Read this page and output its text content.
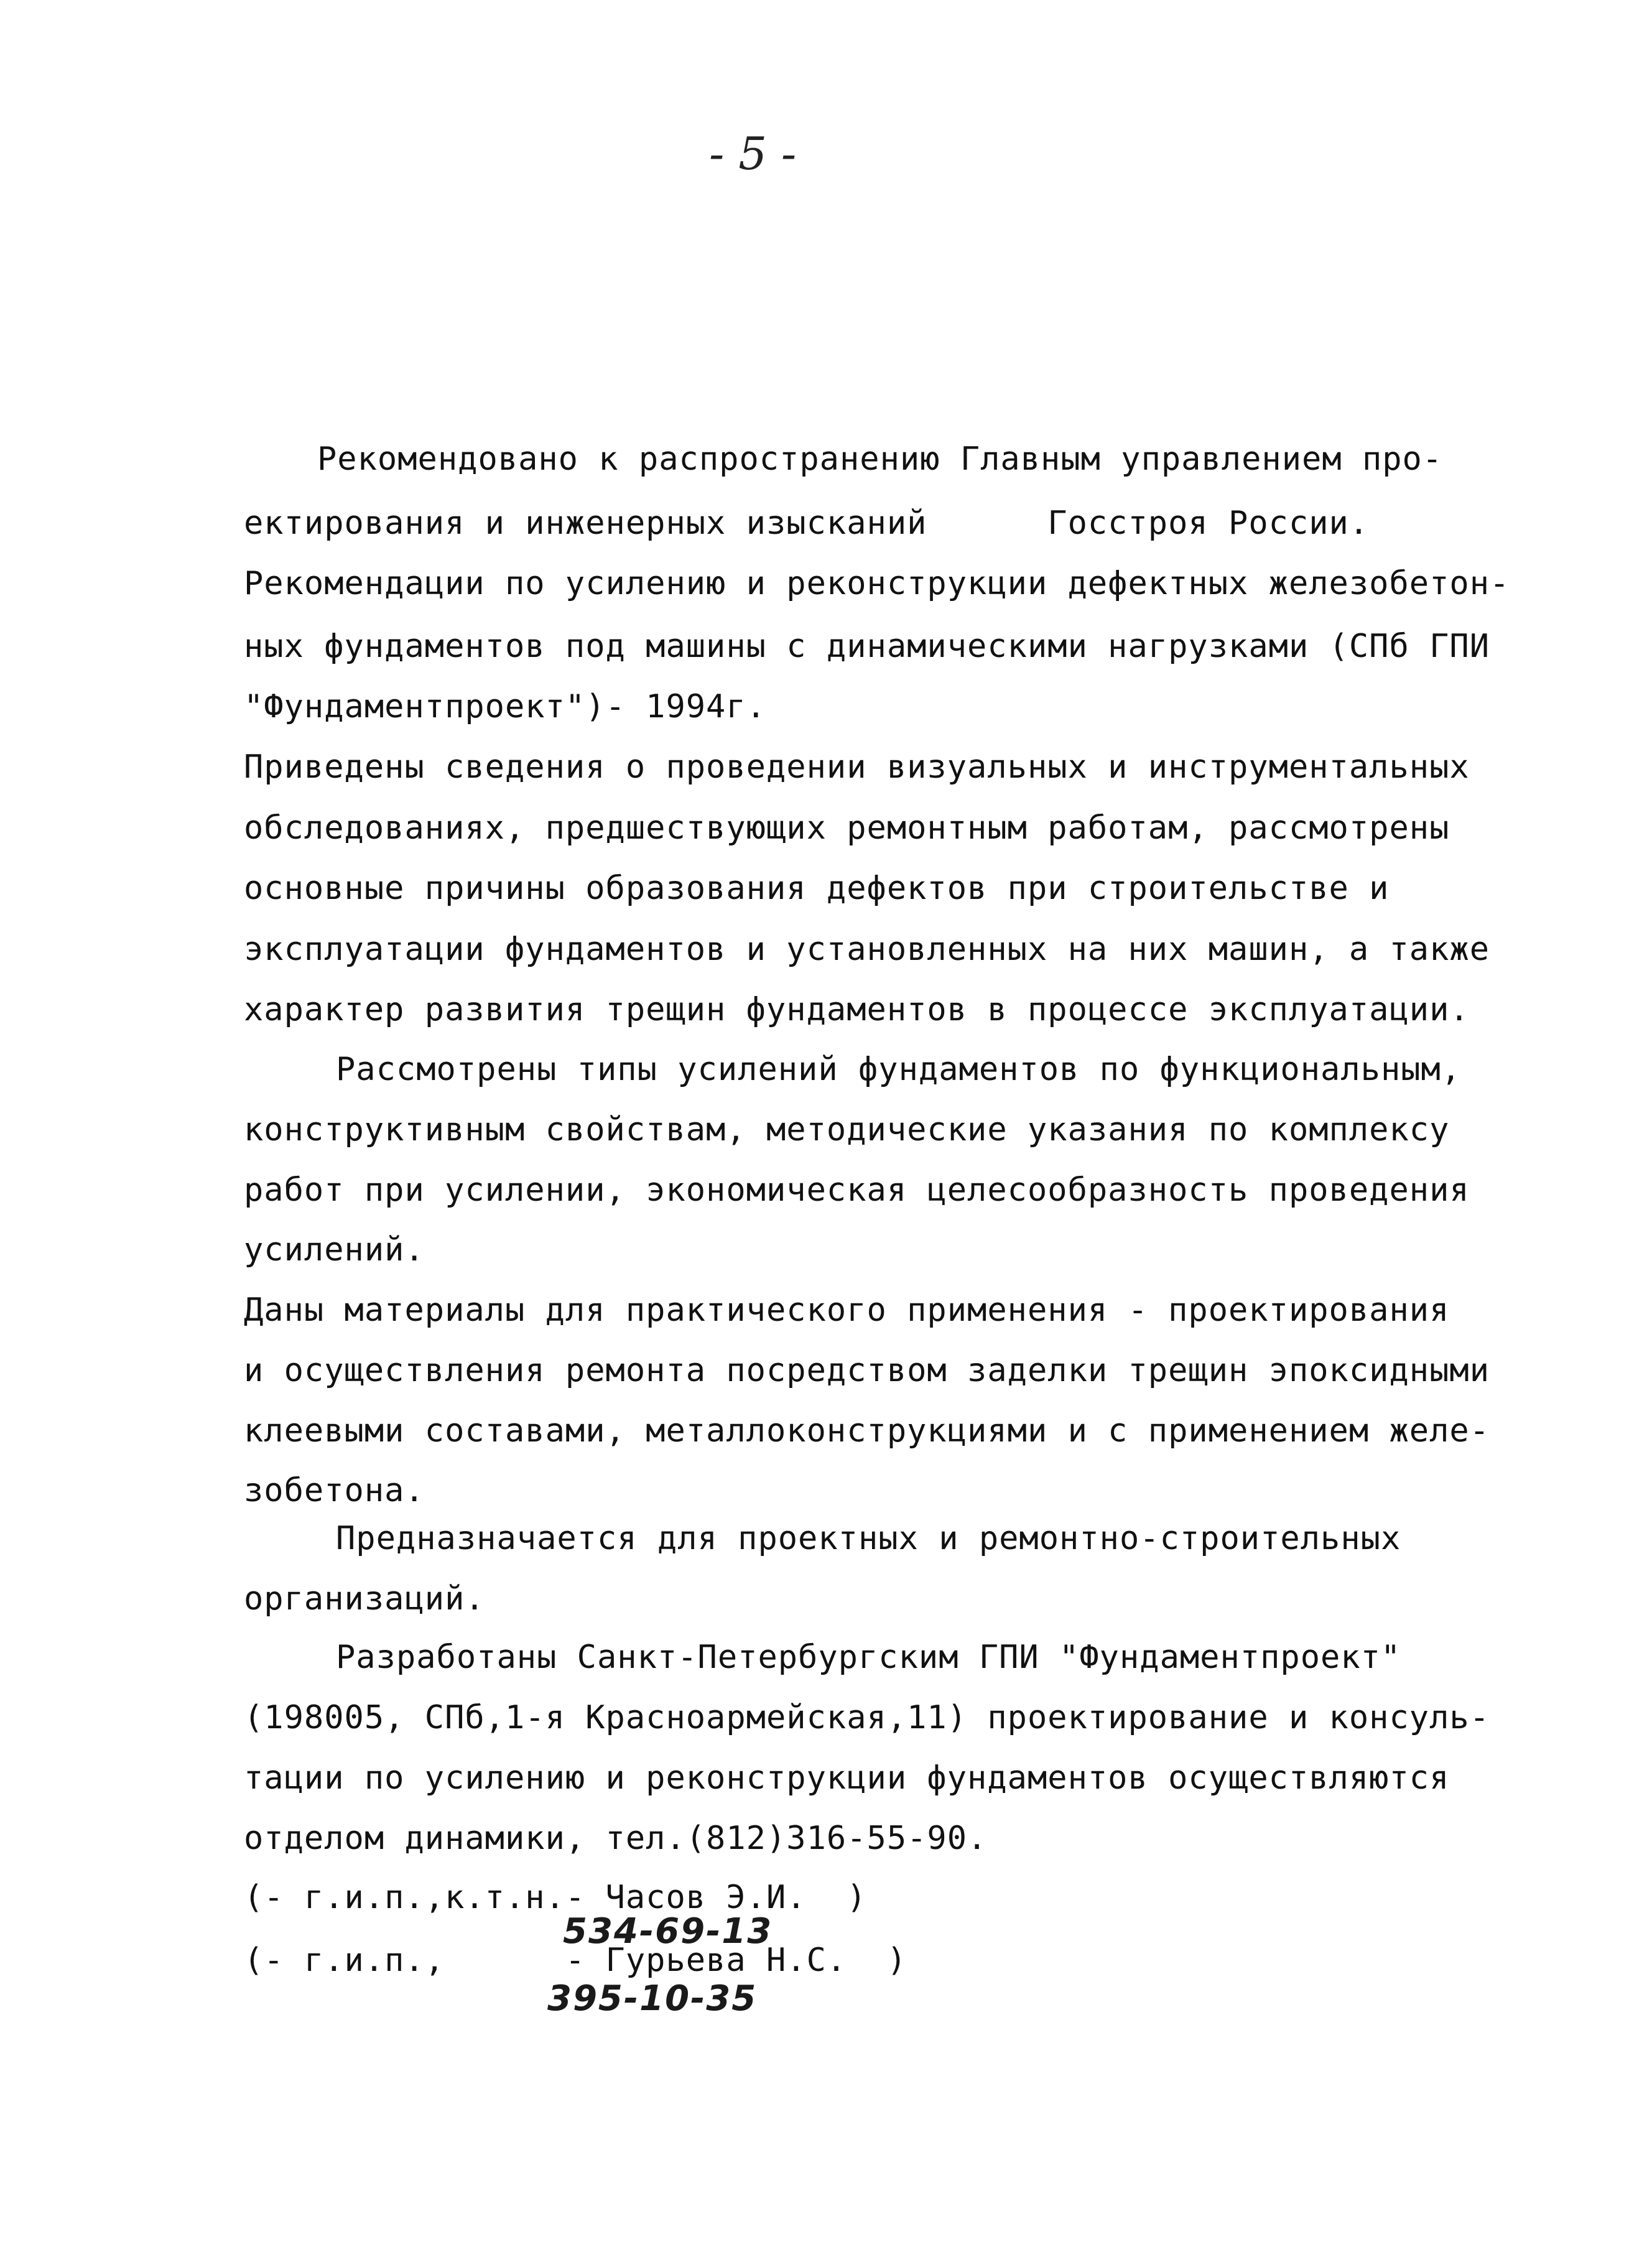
- 5 -
Рекомендовано к распространению Главным управлением про-
ектирования и инженерных изысканий      Госстроя России.
Рекомендации по усилению и реконструкции дефектных железобетон-
ных фундаментов под машины с динамическими нагрузками (СПб ГПИ
"Фундаментпроект")- 1994г.
Приведены сведения о проведении визуальных и инструментальных
обследованиях, предшествующих ремонтным работам, рассмотрены
основные причины образования дефектов при строительстве и
эксплуатации фундаментов и установленных на них машин, а также
характер развития трещин фундаментов в процессе эксплуатации.
Рассмотрены типы усилений фундаментов по функциональным,
конструктивным свойствам, методические указания по комплексу
работ при усилении, экономическая целесообразность проведения
усилений.
Даны материалы для практического применения - проектирования
и осуществления ремонта посредством заделки трещин эпоксидными
клеевыми составами, металлоконструкциями и с применением желе-
зобетона.
Предназначается для проектных и ремонтно-строительных
организаций.
Разработаны Санкт-Петербургским ГПИ "Фундаментпроект"
(198005, СПб,1-я Красноармейская,11) проектирование и консуль-
тации по усилению и реконструкции фундаментов осуществляются
отделом динамики, тел.(812)316-55-90.
(- г.и.п.,к.т.н.- Часов Э.И.  )
534-69-13
(- г.и.п.,      - Гурьева Н.С.  )
395-10-35
